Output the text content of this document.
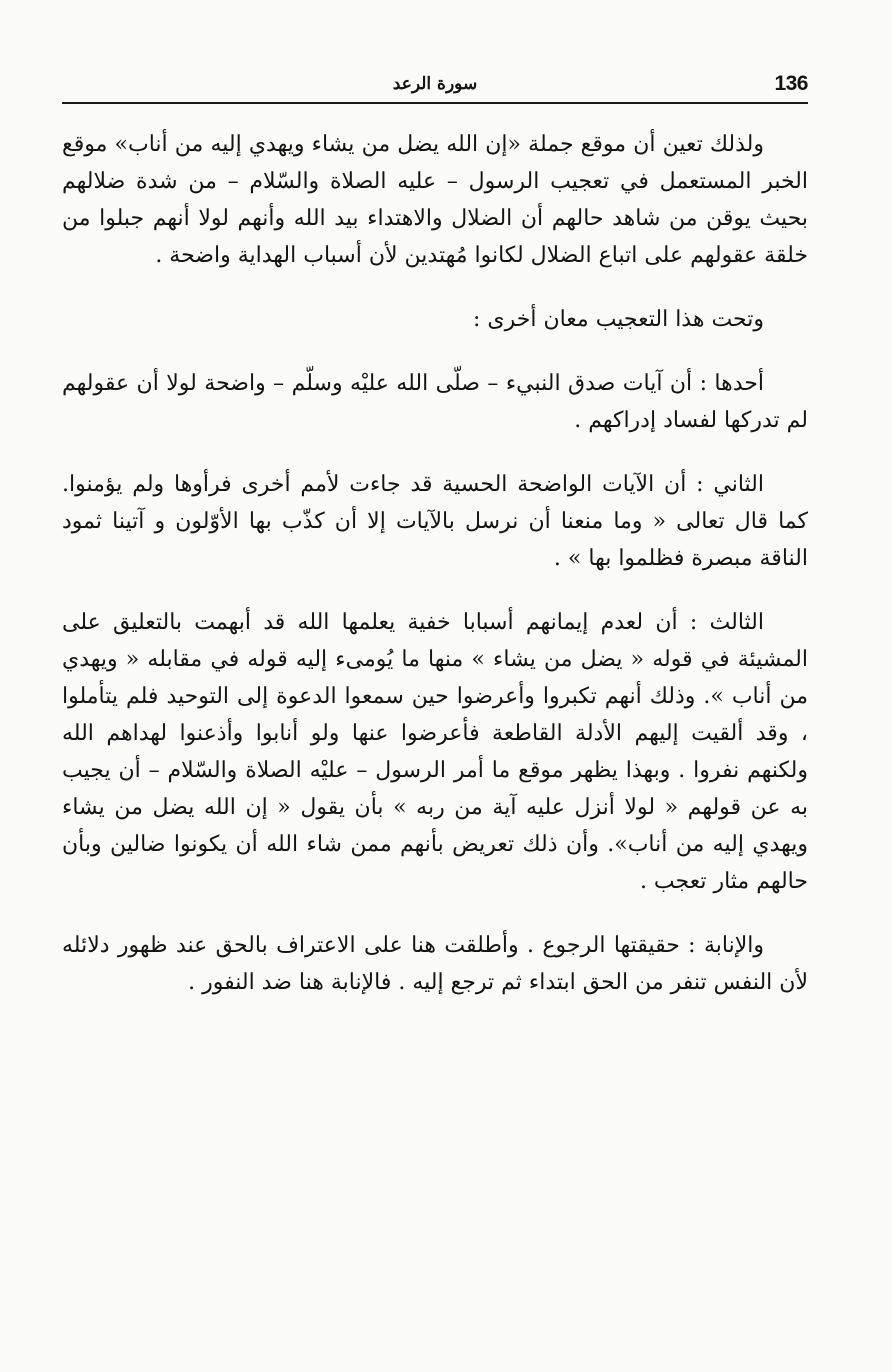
136
سورة الرعد

ولذلك تعين أن موقع جملة «إن الله يضل من يشاء ويهدي إليه من أناب» موقع الخبر المستعمل في تعجيب الرسول – عليه الصلاة والسّلام – من شدة ضلالهم بحيث يوقن من شاهد حالهم أن الضلال والاهتداء بيد الله وأنهم لولا أنهم جبلوا من خلقة عقولهم على اتباع الضلال لكانوا مُهتدين لأن أسباب الهداية واضحة .

وتحت هذا التعجيب معان أخرى :

أحدها : أن آيات صدق النبيء – صلّى الله عليْه وسلّم – واضحة لولا أن عقولهم لم تدركها لفساد إدراكهم .

الثاني : أن الآيات الواضحة الحسية قد جاءت لأمم أخرى فرأوها ولم يؤمنوا. كما قال تعالى « وما منعنا أن نرسل بالآيات إلا أن كذّب بها الأوّلون و آتينا ثمود الناقة مبصرة فظلموا بها » .

الثالث : أن لعدم إيمانهم أسبابا خفية يعلمها الله قد أبهمت بالتعليق على المشيئة في قوله « يضل من يشاء » منها ما يُومىء إليه قوله في مقابله « ويهدي من أناب ». وذلك أنهم تكبروا وأعرضوا حين سمعوا الدعوة إلى التوحيد فلم يتأملوا ، وقد ألقيت إليهم الأدلة القاطعة فأعرضوا عنها ولو أنابوا وأذعنوا لهداهم الله ولكنهم نفروا . وبهذا يظهر موقع ما أمر الرسول – عليْه الصلاة والسّلام – أن يجيب به عن قولهم « لولا أنزل عليه آية من ربه » بأن يقول « إن الله يضل من يشاء ويهدي إليه من أناب». وأن ذلك تعريض بأنهم ممن شاء الله أن يكونوا ضالين وبأن حالهم مثار تعجب .

والإنابة : حقيقتها الرجوع . وأطلقت هنا على الاعتراف بالحق عند ظهور دلائله لأن النفس تنفر من الحق ابتداء ثم ترجع إليه . فالإنابة هنا ضد النفور .
